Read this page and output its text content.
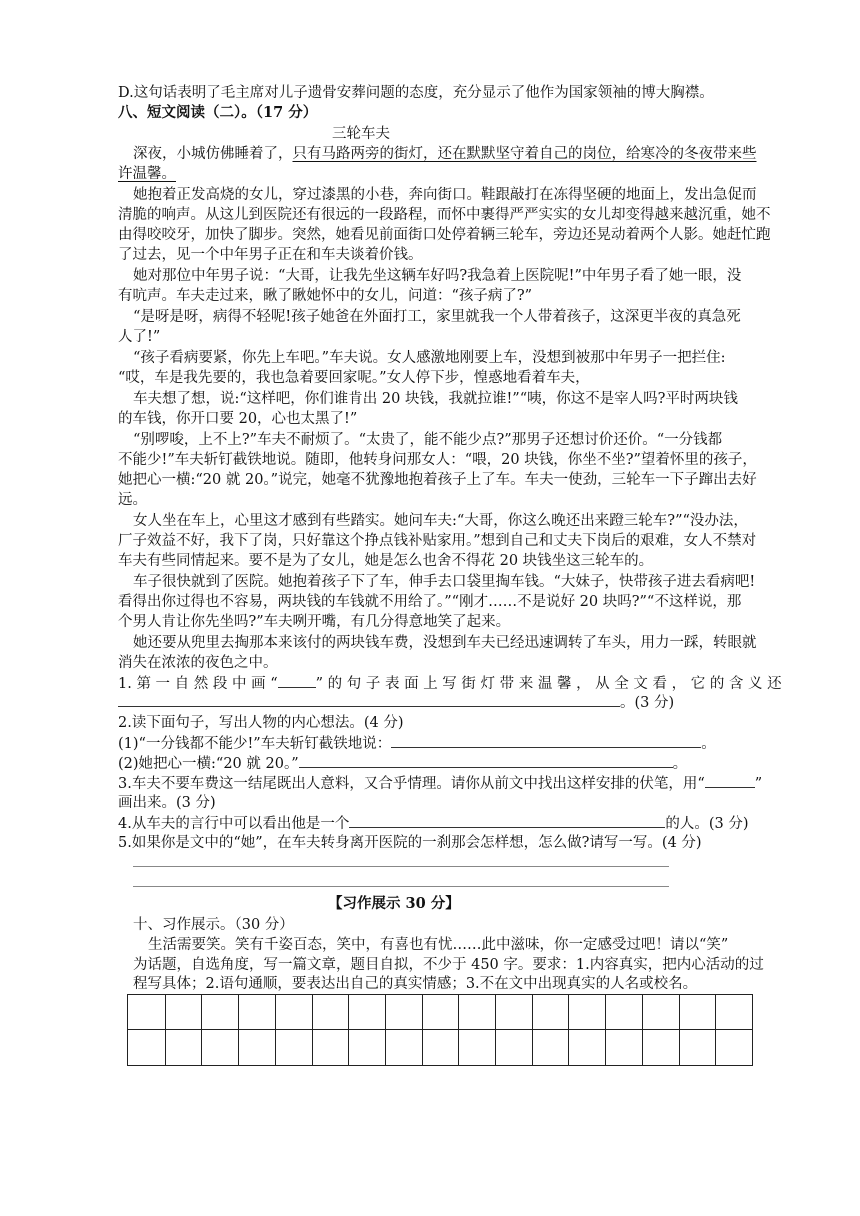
D.这句话表明了毛主席对儿子遗骨安葬问题的态度，充分显示了他作为国家领袖的博大胸襟。
八、短文阅读（二）。（17 分）
三轮车夫
深夜，小城仿佛睡着了，只有马路两旁的街灯，还在默默坚守着自己的岗位，给寒冷的冬夜带来些
许温馨。
她抱着正发高烧的女儿，穿过漆黑的小巷，奔向街口。鞋跟敲打在冻得坚硬的地面上，发出急促而
清脆的响声。从这儿到医院还有很远的一段路程，而怀中裹得严严实实的女儿却变得越来越沉重，她不
由得咬咬牙，加快了脚步。突然，她看见前面街口处停着辆三轮车，旁边还晃动着两个人影。她赶忙跑
了过去，见一个中年男子正在和车夫谈着价钱。
她对那位中年男子说：“大哥，让我先坐这辆车好吗?我急着上医院呢!”中年男子看了她一眼，没
有吭声。车夫走过来，瞅了瞅她怀中的女儿，问道：“孩子病了?”
“是呀是呀，病得不轻呢!孩子她爸在外面打工，家里就我一个人带着孩子，这深更半夜的真急死
人了!”
“孩子看病要紧，你先上车吧。”车夫说。女人感激地刚要上车，没想到被那中年男子一把拦住:
“哎，车是我先要的，我也急着要回家呢。”女人停下步，惶惑地看着车夫，
车夫想了想，说:“这样吧，你们谁肯出 20 块钱，我就拉谁!”“咦，你这不是宰人吗?平时两块钱
的车钱，你开口要 20，心也太黑了!”
“别啰唆，上不上?”车夫不耐烦了。“太贵了，能不能少点?”那男子还想讨价还价。“一分钱都
不能少!”车夫斩钉截铁地说。随即，他转身问那女人：“喂，20 块钱，你坐不坐?”望着怀里的孩子，
她把心一横:“20 就 20。”说完，她毫不犹豫地抱着孩子上了车。车夫一使劲，三轮车一下子蹿出去好
远。
女人坐在车上，心里这才感到有些踏实。她问车夫:“大哥，你这么晚还出来蹬三轮车?”“没办法，
厂子效益不好，我下了岗，只好靠这个挣点钱补贴家用。”想到自己和丈夫下岗后的艰难，女人不禁对
车夫有些同情起来。要不是为了女儿，她是怎么也舍不得花 20 块钱坐这三轮车的。
车子很快就到了医院。她抱着孩子下了车，伸手去口袋里掏车钱。“大妹子，快带孩子进去看病吧!
看得出你过得也不容易，两块钱的车钱就不用给了。”“刚才……不是说好 20 块吗?”“不这样说，那
个男人肯让你先坐吗?”车夫咧开嘴，有几分得意地笑了起来。
她还要从兜里去掏那本来该付的两块钱车费，没想到车夫已经迅速调转了车头，用力一踩，转眼就
消失在浓浓的夜色之中。
1. 第 一 自 然 段 中 画 “	” 的 句 子 表 面 上 写 街 灯 带 来 温 馨 ， 从 全 文 看 ， 它 的 含 义 还
。(3 分)
2.读下面句子，写出人物的内心想法。(4 分)
(1)“一分钱都不能少!”车夫斩钉截铁地说：	。
(2)她把心一横:“20 就 20。”	。
3.车夫不要车费这一结尾既出人意料，又合乎情理。请你从前文中找出这样安排的伏笔，用“	”
画出来。(3 分)
4.从车夫的言行中可以看出他是一个	的人。(3 分)
5.如果你是文中的“她”，在车夫转身离开医院的一刹那会怎样想，怎么做?请写一写。(4 分)
【习作展示 30 分】
十、习作展示。（30 分）
生活需要笑。笑有千姿百态，笑中，有喜也有忧……此中滋味，你一定感受过吧！请以“笑”
为话题，自选角度，写一篇文章，题目自拟，不少于 450 字。要求：1.内容真实，把内心活动的过
程写具体；2.语句通顺，要表达出自己的真实情感；3.不在文中出现真实的人名或校名。
